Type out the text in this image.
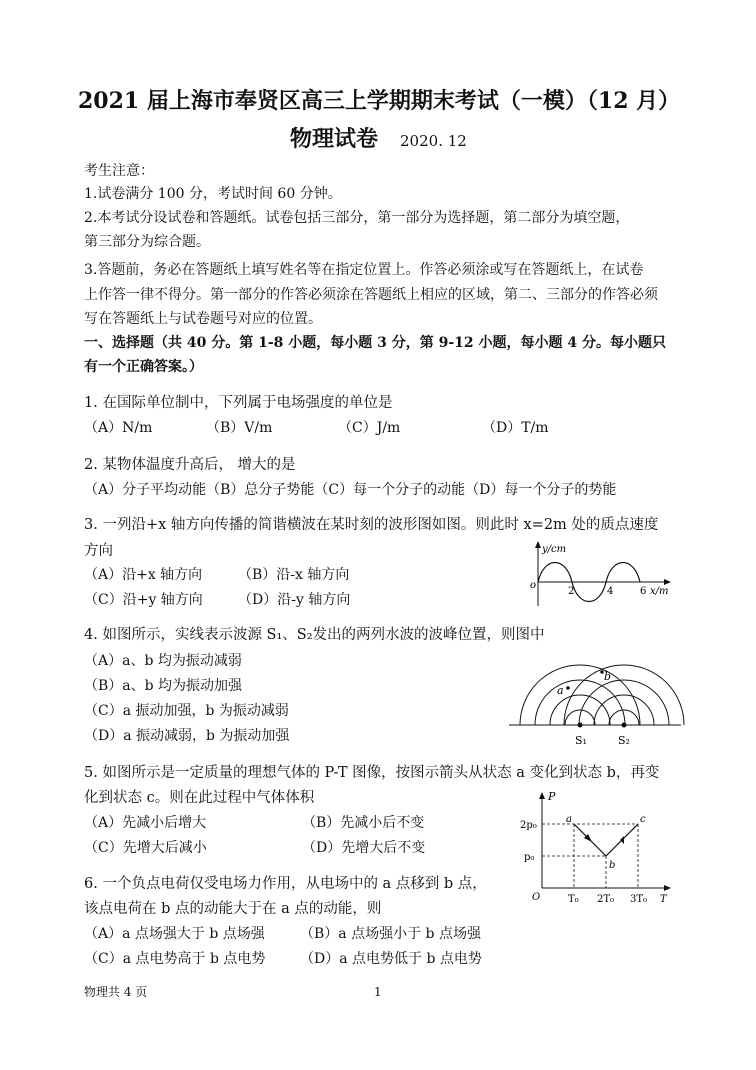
2021 届上海市奉贤区高三上学期期末考试（一模）（12 月）
物理试卷 2020. 12
考生注意：
1.试卷满分 100 分，考试时间 60 分钟。
2.本考试分设试卷和答题纸。试卷包括三部分，第一部分为选择题，第二部分为填空题，
第三部分为综合题。
3.答题前，务必在答题纸上填写姓名等在指定位置上。作答必须涂或写在答题纸上，在试卷
上作答一律不得分。第一部分的作答必须涂在答题纸上相应的区域，第二、三部分的作答必须
写在答题纸上与试卷题号对应的位置。
一、选择题（共 40 分。第 1-8 小题，每小题 3 分，第 9-12 小题，每小题 4 分。每小题只
有一个正确答案。）
1. 在国际单位制中，下列属于电场强度的单位是
（A）N/m	（B）V/m	（C）J/m	（D）T/m
2. 某物体温度升高后， 增大的是
（A）分子平均动能（B）总分子势能（C）每一个分子的动能（D）每一个分子的势能
3. 一列沿+x 轴方向传播的简谐横波在某时刻的波形图如图。则此时 x=2m 处的质点速度
方向
（A）沿+x 轴方向	（B）沿-x 轴方向
（C）沿+y 轴方向	（D）沿-y 轴方向
y/cm
o
2	4	6 x/m
4. 如图所示，实线表示波源 S₁、S₂发出的两列水波的波峰位置，则图中
（A）a、b 均为振动减弱
（B）a、b 均为振动加强
（C）a 振动加强，b 为振动减弱
（D）a 振动减弱，b 为振动加强
a
b
S₁	S₂
5. 如图所示是一定质量的理想气体的 P-T 图像，按图示箭头从状态 a 变化到状态 b，再变
化到状态 c。则在此过程中气体体积
（A）先减小后增大	（B）先减小后不变
（C）先增大后减小	（D）先增大后不变
P
2p₀
p₀
O	T₀ 2T₀ 3T₀ T
a
b
c
6. 一个负点电荷仅受电场力作用，从电场中的 a 点移到 b 点，
该点电荷在 b 点的动能大于在 a 点的动能，则
（A）a 点场强大于 b 点场强	（B）a 点场强小于 b 点场强
（C）a 点电势高于 b 点电势 （D）a 点电势低于 b 点电势
物理共 4 页	1
